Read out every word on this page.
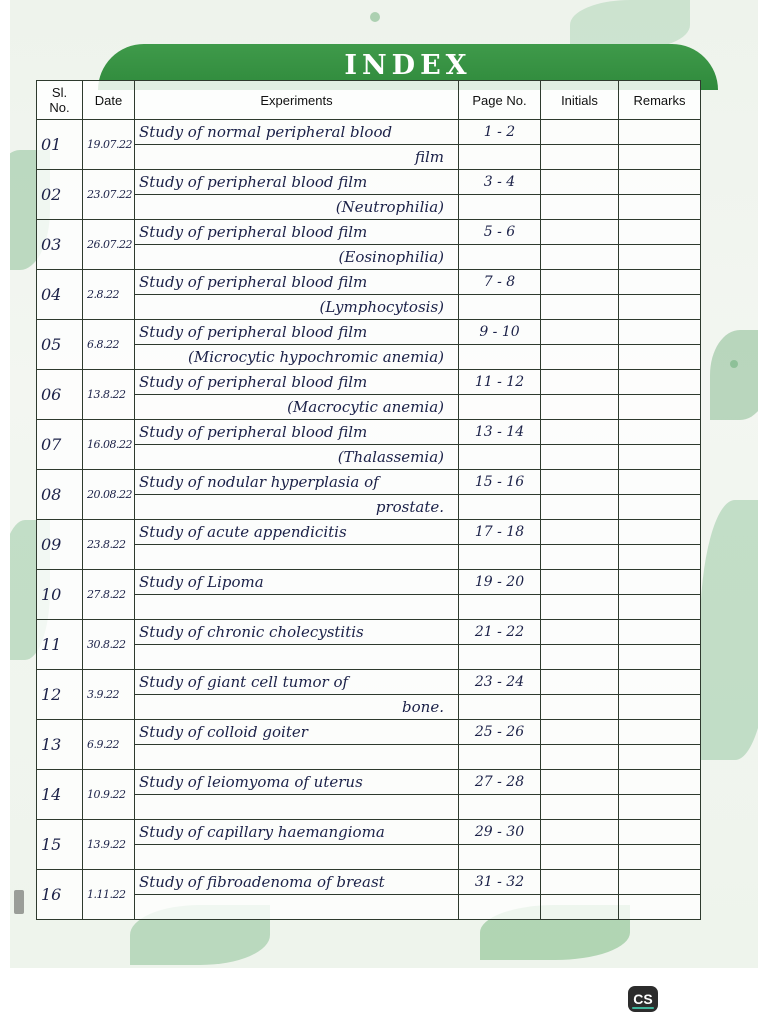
INDEX
Sl. No.	Date	Experiments	Page No.	Initials	Remarks
01	19.07.22	Study of normal peripheral blood	1 - 2		
		film			
02	23.07.22	Study of peripheral blood film	3 - 4		
		(Neutrophilia)			
03	26.07.22	Study of peripheral blood film	5 - 6		
		(Eosinophilia)			
04	2.8.22	Study of peripheral blood film	7 - 8		
		(Lymphocytosis)			
05	6.8.22	Study of peripheral blood film	9 - 10		
		(Microcytic hypochromic anemia)			
06	13.8.22	Study of peripheral blood film	11 - 12		
		(Macrocytic anemia)			
07	16.08.22	Study of peripheral blood film	13 - 14		
		(Thalassemia)			
08	20.08.22	Study of nodular hyperplasia of	15 - 16		
		prostate.			
09	23.8.22	Study of acute appendicitis	17 - 18		

10	27.8.22	Study of Lipoma	19 - 20		

11	30.8.22	Study of chronic cholecystitis	21 - 22		

12	3.9.22	Study of giant cell tumor of	23 - 24		
		bone.			
13	6.9.22	Study of colloid goiter	25 - 26		

14	10.9.22	Study of leiomyoma of uterus	27 - 28		

15	13.9.22	Study of capillary haemangioma	29 - 30		

16	1.11.22	Study of fibroadenoma of breast	31 - 32		

CS
